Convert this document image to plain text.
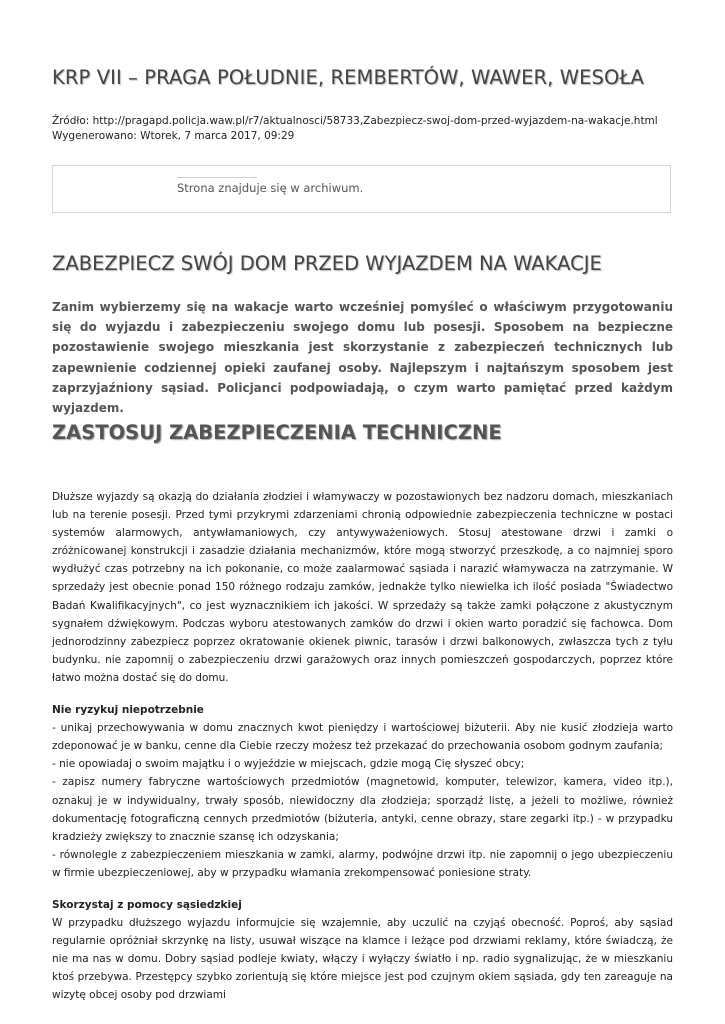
KRP VII – PRAGA POŁUDNIE, REMBERTÓW, WAWER, WESOŁA
Źródło: http://pragapd.policja.waw.pl/r7/aktualnosci/58733,Zabezpiecz-swoj-dom-przed-wyjazdem-na-wakacje.html
Wygenerowano: Wtorek, 7 marca 2017, 09:29
Strona znajduje się w archiwum.
ZABEZPIECZ SWÓJ DOM PRZED WYJAZDEM NA WAKACJE

Zanim wybierzemy się na wakacje warto wcześniej pomyśleć o właściwym przygotowaniu się do wyjazdu i zabezpieczeniu swojego domu lub posesji. Sposobem na bezpieczne pozostawienie swojego mieszkania jest skorzystanie z zabezpieczeń technicznych lub zapewnienie codziennej opieki zaufanej osoby. Najlepszym i najtańszym sposobem jest zaprzyjaźniony sąsiad. Policjanci podpowiadają, o czym warto pamiętać przed każdym wyjazdem.

ZASTOSUJ ZABEZPIECZENIA TECHNICZNE

Dłuższe wyjazdy są okazją do działania złodziei i włamywaczy w pozostawionych bez nadzoru domach, mieszkaniach lub na terenie posesji. Przed tymi przykrymi zdarzeniami chronią odpowiednie zabezpieczenia techniczne w postaci systemów alarmowych, antywłamaniowych, czy antywyważeniowych. Stosuj atestowane drzwi i zamki o zróżnicowanej konstrukcji i zasadzie działania mechanizmów, które mogą stworzyć przeszkodę, a co najmniej sporo wydłużyć czas potrzebny na ich pokonanie, co może zaalarmować sąsiada i narazić włamywacza na zatrzymanie. W sprzedaży jest obecnie ponad 150 różnego rodzaju zamków, jednakże tylko niewielka ich ilość posiada "Świadectwo Badań Kwalifikacyjnych", co jest wyznacznikiem ich jakości. W sprzedaży są także zamki połączone z akustycznym sygnałem dźwiękowym. Podczas wyboru atestowanych zamków do drzwi i okien warto poradzić się fachowca. Dom jednorodzinny zabezpiecz poprzez okratowanie okienek piwnic, tarasów i drzwi balkonowych, zwłaszcza tych z tyłu budynku. nie zapomnij o zabezpieczeniu drzwi garażowych oraz innych pomieszczeń gospodarczych, poprzez które łatwo można dostać się do domu.

Nie ryzykuj niepotrzebnie

- unikaj przechowywania w domu znacznych kwot pieniędzy i wartościowej biżuterii. Aby nie kusić złodzieja warto zdeponować je w banku, cenne dla Ciebie rzeczy możesz też przekazać do przechowania osobom godnym zaufania;

- nie opowiadaj o swoim majątku i o wyjeździe w miejscach, gdzie mogą Cię słyszeć obcy;

- zapisz numery fabryczne wartościowych przedmiotów (magnetowid, komputer, telewizor, kamera, video itp.), oznakuj je w indywidualny, trwały sposób, niewidoczny dla złodzieja; sporządź listę, a jeżeli to możliwe, również dokumentację fotograficzną cennych przedmiotów (biżuteria, antyki, cenne obrazy, stare zegarki itp.) - w przypadku kradzieży zwiększy to znacznie szansę ich odzyskania;

- równolegle z zabezpieczeniem mieszkania w zamki, alarmy, podwójne drzwi itp. nie zapomnij o jego ubezpieczeniu w firmie ubezpieczeniowej, aby w przypadku włamania zrekompensować poniesione straty.

Skorzystaj z pomocy sąsiedzkiej

W przypadku dłuższego wyjazdu informujcie się wzajemnie, aby uczulić na czyjąś obecność. Poproś, aby sąsiad regularnie opróżniał skrzynkę na listy, usuwał wiszące na klamce i leżące pod drzwiami reklamy, które świadczą, że nie ma nas w domu. Dobry sąsiad podleje kwiaty, włączy i wyłączy światło i np. radio sygnalizując, że w mieszkaniu ktoś przebywa. Przestępcy szybko zorientują się które miejsce jest pod czujnym okiem sąsiada, gdy ten zareaguje na wizytę obcej osoby pod drzwiami
